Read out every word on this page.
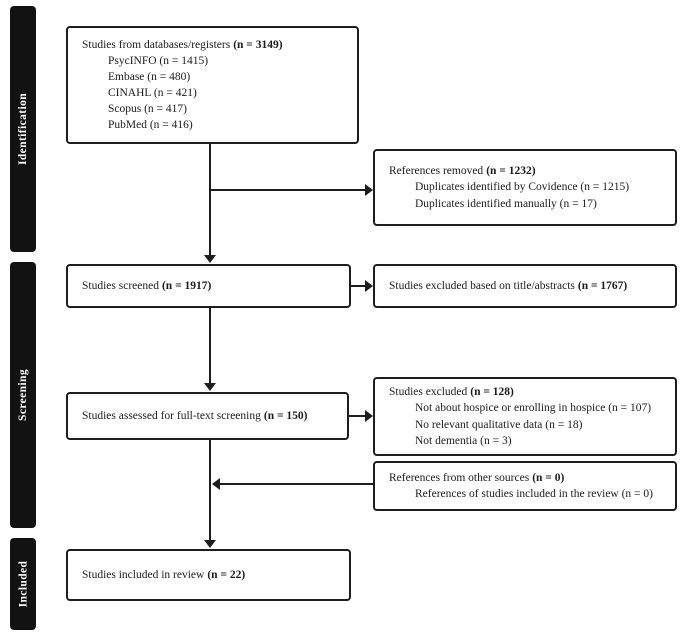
Identification
Screening
Included
Studies from databases/registers (n = 3149)
PsycINFO (n = 1415)
Embase (n = 480)
CINAHL (n = 421)
Scopus (n = 417)
PubMed (n = 416)
References removed (n = 1232)
Duplicates identified by Covidence (n = 1215)
Duplicates identified manually (n = 17)
Studies screened (n = 1917)	Studies excluded based on title/abstracts (n = 1767)
Studies assessed for full-text screening (n = 150)
Studies excluded (n = 128)
Not about hospice or enrolling in hospice (n = 107)
No relevant qualitative data (n = 18)
Not dementia (n = 3)
References from other sources (n = 0)
References of studies included in the review (n = 0)
Studies included in review (n = 22)
